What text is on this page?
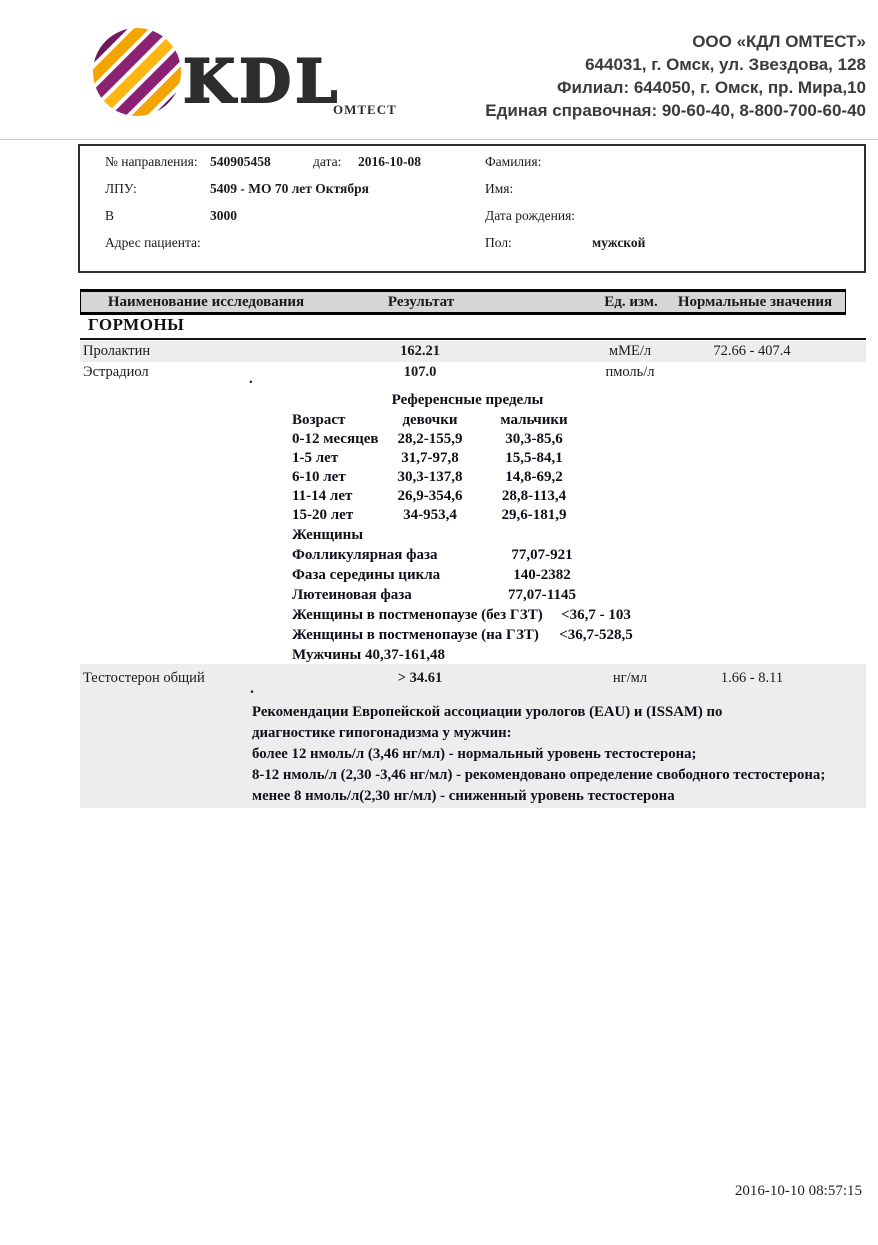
KDL
ОМТЕСТ
ООО «КДЛ ОМТЕСТ»
644031, г. Омск, ул. Звездова, 128
Филиал: 644050, г. Омск, пр. Мира,10
Единая справочная: 90-60-40, 8-800-700-60-40
№ направления: 540905458	дата: 2016-10-08	Фамилия:
ЛПУ:	5409 - МО 70 лет Октября	Имя:
В	3000	Дата рождения:
Адрес пациента:	Пол:	мужской
Наименование исследования	Результат	Ед. изм.	Нормальные значения
ГОРМОНЫ
Пролактин	162.21	мМЕ/л	72.66 - 407.4
Эстрадиол	107.0	пмоль/л
.
Референсные пределы
Возраст	девочки	мальчики
0-12 месяцев	28,2-155,9	30,3-85,6
1-5 лет	31,7-97,8	15,5-84,1
6-10 лет	30,3-137,8	14,8-69,2
11-14 лет	26,9-354,6	28,8-113,4
15-20 лет	34-953,4	29,6-181,9
Женщины
Фолликулярная фаза	77,07-921
Фаза середины цикла	140-2382
Лютеиновая фаза	77,07-1145
Женщины в постменопаузе (без ГЗТ)	<36,7 - 103
Женщины в постменопаузе (на ГЗТ)	<36,7-528,5
Мужчины 40,37-161,48
Тестостерон общий	> 34.61	нг/мл	1.66 - 8.11
.
Рекомендации Европейской ассоциации урологов (EAU) и (ISSAM) по
диагностике гипогонадизма у мужчин:
более 12 нмоль/л (3,46 нг/мл) - нормальный уровень тестостерона;
8-12 нмоль/л (2,30 -3,46 нг/мл) - рекомендовано определение свободного тестостерона;
менее 8 нмоль/л(2,30 нг/мл) - сниженный уровень тестостерона
2016-10-10 08:57:15
